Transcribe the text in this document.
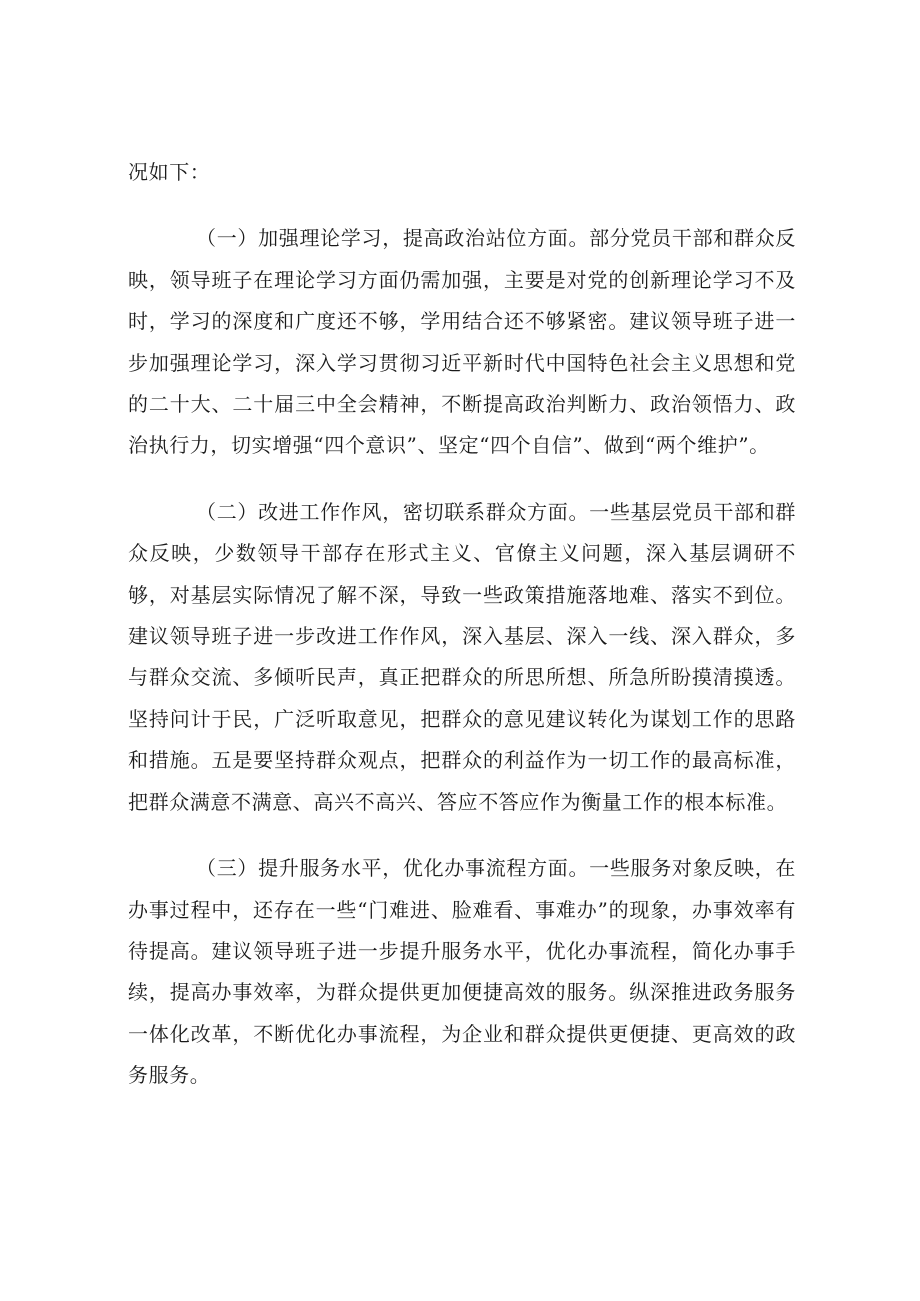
况如下：

（一）加强理论学习，提高政治站位方面。部分党员干部和群众反映，领导班子在理论学习方面仍需加强，主要是对党的创新理论学习不及时，学习的深度和广度还不够，学用结合还不够紧密。建议领导班子进一步加强理论学习，深入学习贯彻习近平新时代中国特色社会主义思想和党的二十大、二十届三中全会精神，不断提高政治判断力、政治领悟力、政治执行力，切实增强“四个意识”、坚定“四个自信”、做到“两个维护”。

（二）改进工作作风，密切联系群众方面。一些基层党员干部和群众反映，少数领导干部存在形式主义、官僚主义问题，深入基层调研不够，对基层实际情况了解不深，导致一些政策措施落地难、落实不到位。建议领导班子进一步改进工作作风，深入基层、深入一线、深入群众，多与群众交流、多倾听民声，真正把群众的所思所想、所急所盼摸清摸透。坚持问计于民，广泛听取意见，把群众的意见建议转化为谋划工作的思路和措施。五是要坚持群众观点，把群众的利益作为一切工作的最高标准，把群众满意不满意、高兴不高兴、答应不答应作为衡量工作的根本标准。

（三）提升服务水平，优化办事流程方面。一些服务对象反映，在办事过程中，还存在一些“门难进、脸难看、事难办”的现象，办事效率有待提高。建议领导班子进一步提升服务水平，优化办事流程，简化办事手续，提高办事效率，为群众提供更加便捷高效的服务。纵深推进政务服务一体化改革，不断优化办事流程，为企业和群众提供更便捷、更高效的政务服务。
